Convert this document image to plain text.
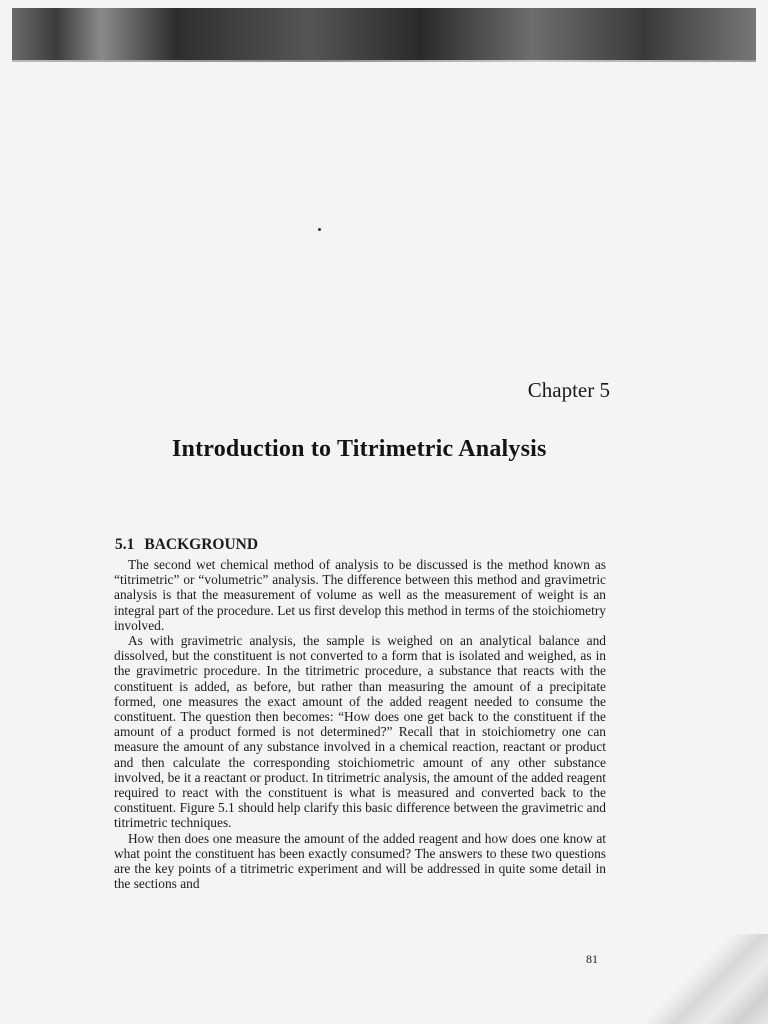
Chapter 5
Introduction to Titrimetric Analysis
5.1 BACKGROUND

The second wet chemical method of analysis to be discussed is the method known as “titrimetric” or “volumetric” analysis. The difference between this method and gravimetric analysis is that the measurement of volume as well as the measurement of weight is an integral part of the procedure. Let us first develop this method in terms of the stoichiometry involved.

As with gravimetric analysis, the sample is weighed on an analytical balance and dissolved, but the constituent is not converted to a form that is isolated and weighed, as in the gravimetric procedure. In the titrimetric procedure, a substance that reacts with the constituent is added, as before, but rather than measuring the amount of a precipitate formed, one measures the exact amount of the added reagent needed to consume the constituent. The question then becomes: “How does one get back to the constituent if the amount of a product formed is not determined?” Recall that in stoichiometry one can measure the amount of any substance involved in a chemical reaction, reactant or product and then calculate the corresponding stoichiometric amount of any other substance involved, be it a reactant or product. In titrimetric analysis, the amount of the added reagent required to react with the constituent is what is measured and converted back to the constituent. Figure 5.1 should help clarify this basic difference between the gravimetric and titrimetric techniques.

How then does one measure the amount of the added reagent and how does one know at what point the constituent has been exactly consumed? The answers to these two questions are the key points of a titrimetric experiment and will be addressed in quite some detail in the sections and

81
